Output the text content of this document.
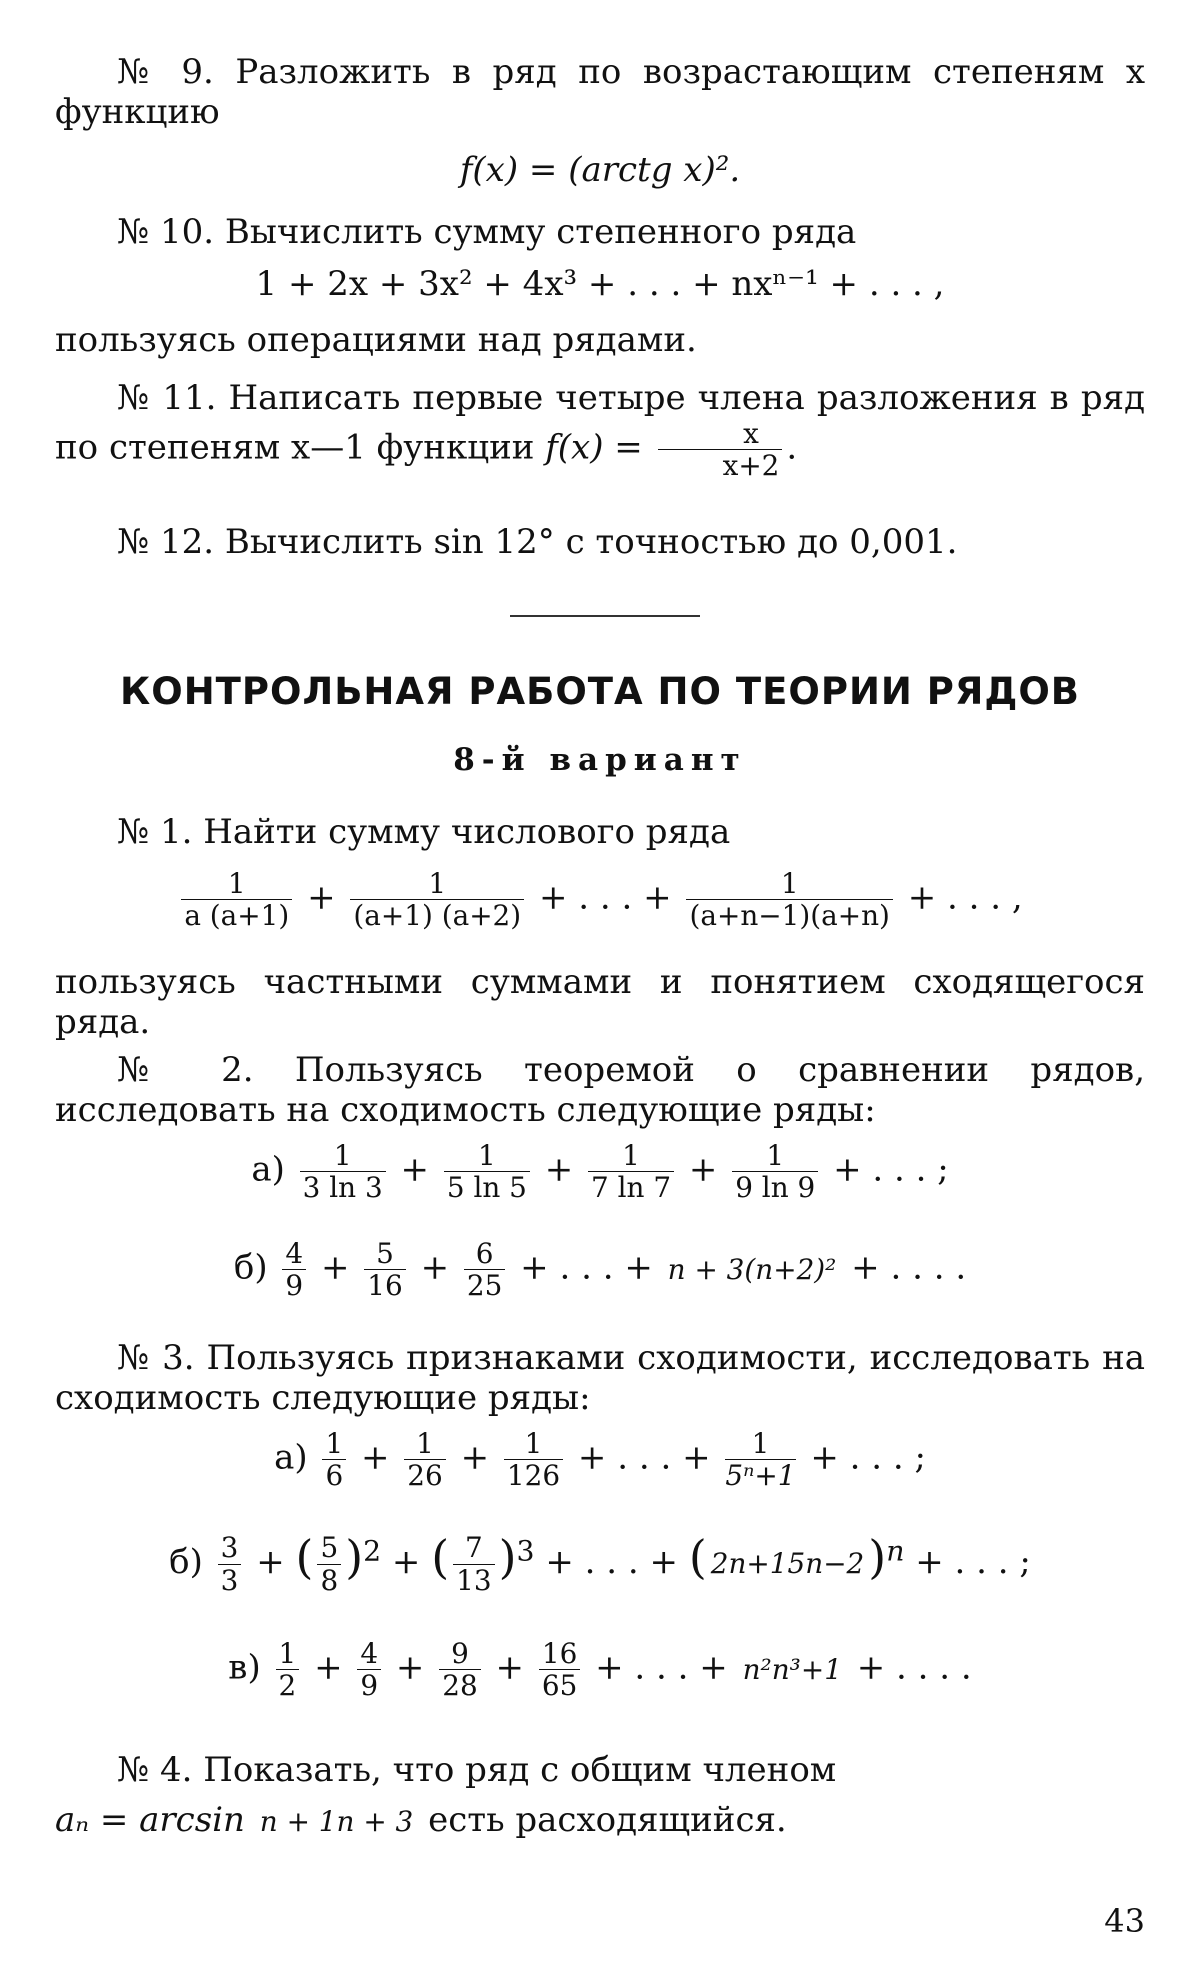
№ 9. Разложить в ряд по возрастающим степеням x функцию
f(x) = (arctg x)².
№ 10. Вычислить сумму степенного ряда
1 + 2x + 3x² + 4x³ + . . . + nxⁿ⁻¹ + . . . ,
пользуясь операциями над рядами.
№ 11. Написать первые четыре члена разложения в ряд по степеням x—1 функции $f(x) = \frac{x}{x+2}$ .
№ 12. Вычислить sin 12° с точностью до 0,001.
КОНТРОЛЬНАЯ РАБОТА ПО ТЕОРИИ РЯДОВ
8-й вариант
№ 1. Найти сумму числового ряда
$\frac{1}{a (a+1)} + \frac{1}{(a+1) (a+2)}$ + . . . + $\frac{1}{(a+n-1)(a+n)}$ + . . . ,
пользуясь частными суммами и понятием сходящегося ряда.
№ 2. Пользуясь теоремой о сравнении рядов, исследовать на сходимость следующие ряды:
$а) \frac{1}{3 \ln 3} + \frac{1}{5 \ln 5} + \frac{1}{7 \ln 7} + \frac{1}{9 \ln 9}$ + . . . ;
$б) \frac{4}{9} + \frac{5}{16} + \frac{6}{25}$ + . . . + n + 3(n+2)² + . . . .
№ 3. Пользуясь признаками сходимости, исследовать на сходимость следующие ряды:
$а) \frac{1}{6} + \frac{1}{26} + \frac{1}{126}$ + . . . + $\frac{1}{\text{5ⁿ+1}}$ + . . . ;
$б) \frac{3}{3}$ + ( $\frac{5}{8} )^2$ + ( $\frac{7}{13} )^3$ + . . . + ( 2n+15n−2)$^n$ + . . . ;
$в) \frac{1}{2} + \frac{4}{9} + \frac{9}{28} + \frac{16}{65}$ + . . . + n²n³+1 + . . . .
№ 4. Показать, что ряд с общим членом
aₙ = arcsin n + 1n + 3 есть расходящийся.
43
